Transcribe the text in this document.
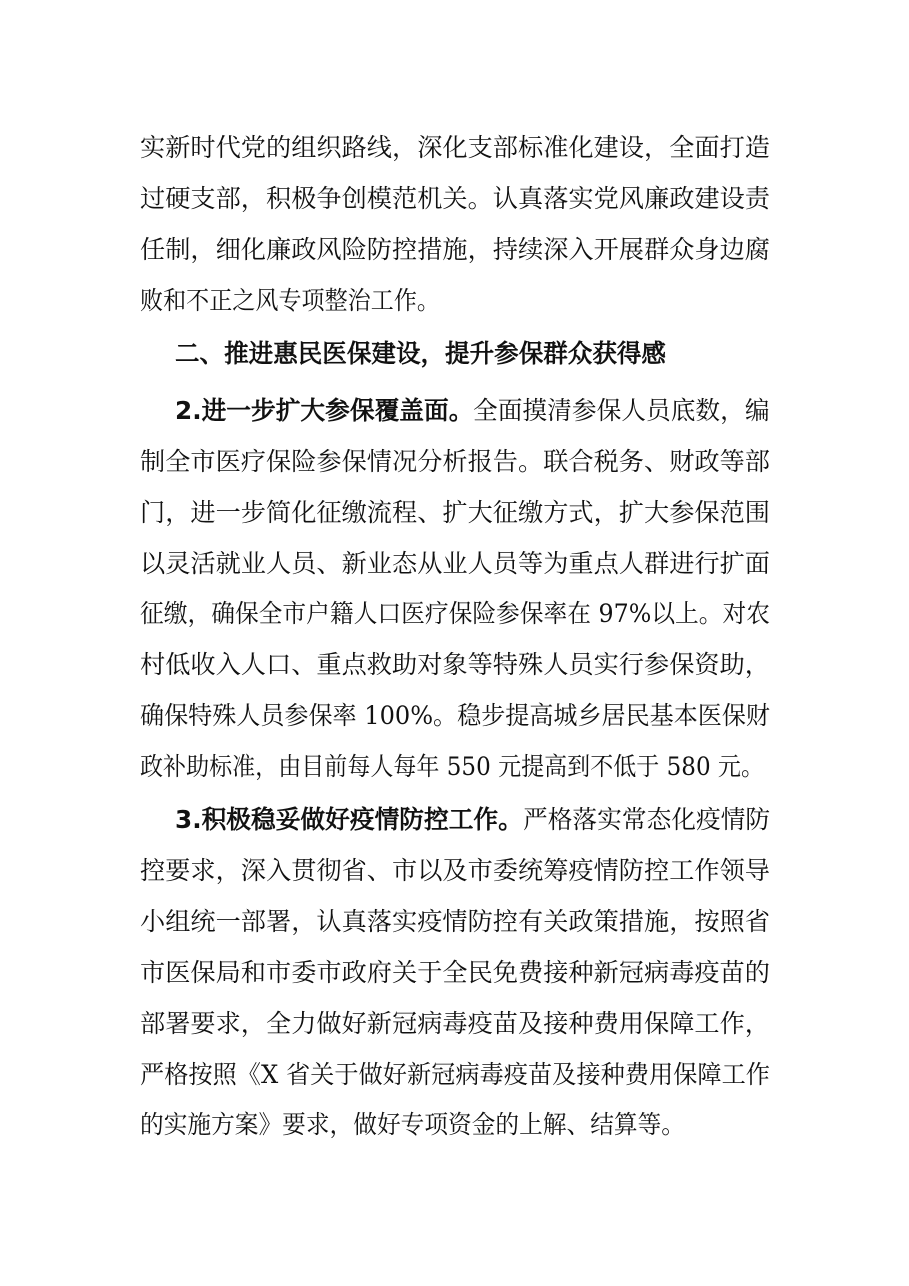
实新时代党的组织路线，深化支部标准化建设，全面打造
过硬支部，积极争创模范机关。认真落实党风廉政建设责
任制，细化廉政风险防控措施，持续深入开展群众身边腐
败和不正之风专项整治工作。
二、推进惠民医保建设，提升参保群众获得感
2.进一步扩大参保覆盖面。 全面摸清参保人员底数，编
制全市医疗保险参保情况分析报告。联合税务、财政等部
门，进一步简化征缴流程、扩大征缴方式，扩大参保范围
以灵活就业人员、新业态从业人员等为重点人群进行扩面
征缴，确保全市户籍人口医疗保险参保率在 97%以上。对农
村低收入人口、重点救助对象等特殊人员实行参保资助，
确保特殊人员参保率 100%。稳步提高城乡居民基本医保财
政补助标准，由目前每人每年 550 元提高到不低于 580 元。
3.积极稳妥做好疫情防控工作。 严格落实常态化疫情防
控要求，深入贯彻省、市以及市委统筹疫情防控工作领导
小组统一部署，认真落实疫情防控有关政策措施，按照省
市医保局和市委市政府关于全民免费接种新冠病毒疫苗的
部署要求，全力做好新冠病毒疫苗及接种费用保障工作，
严格按照《X 省关于做好新冠病毒疫苗及接种费用保障工作
的实施方案》要求，做好专项资金的上解、结算等。
